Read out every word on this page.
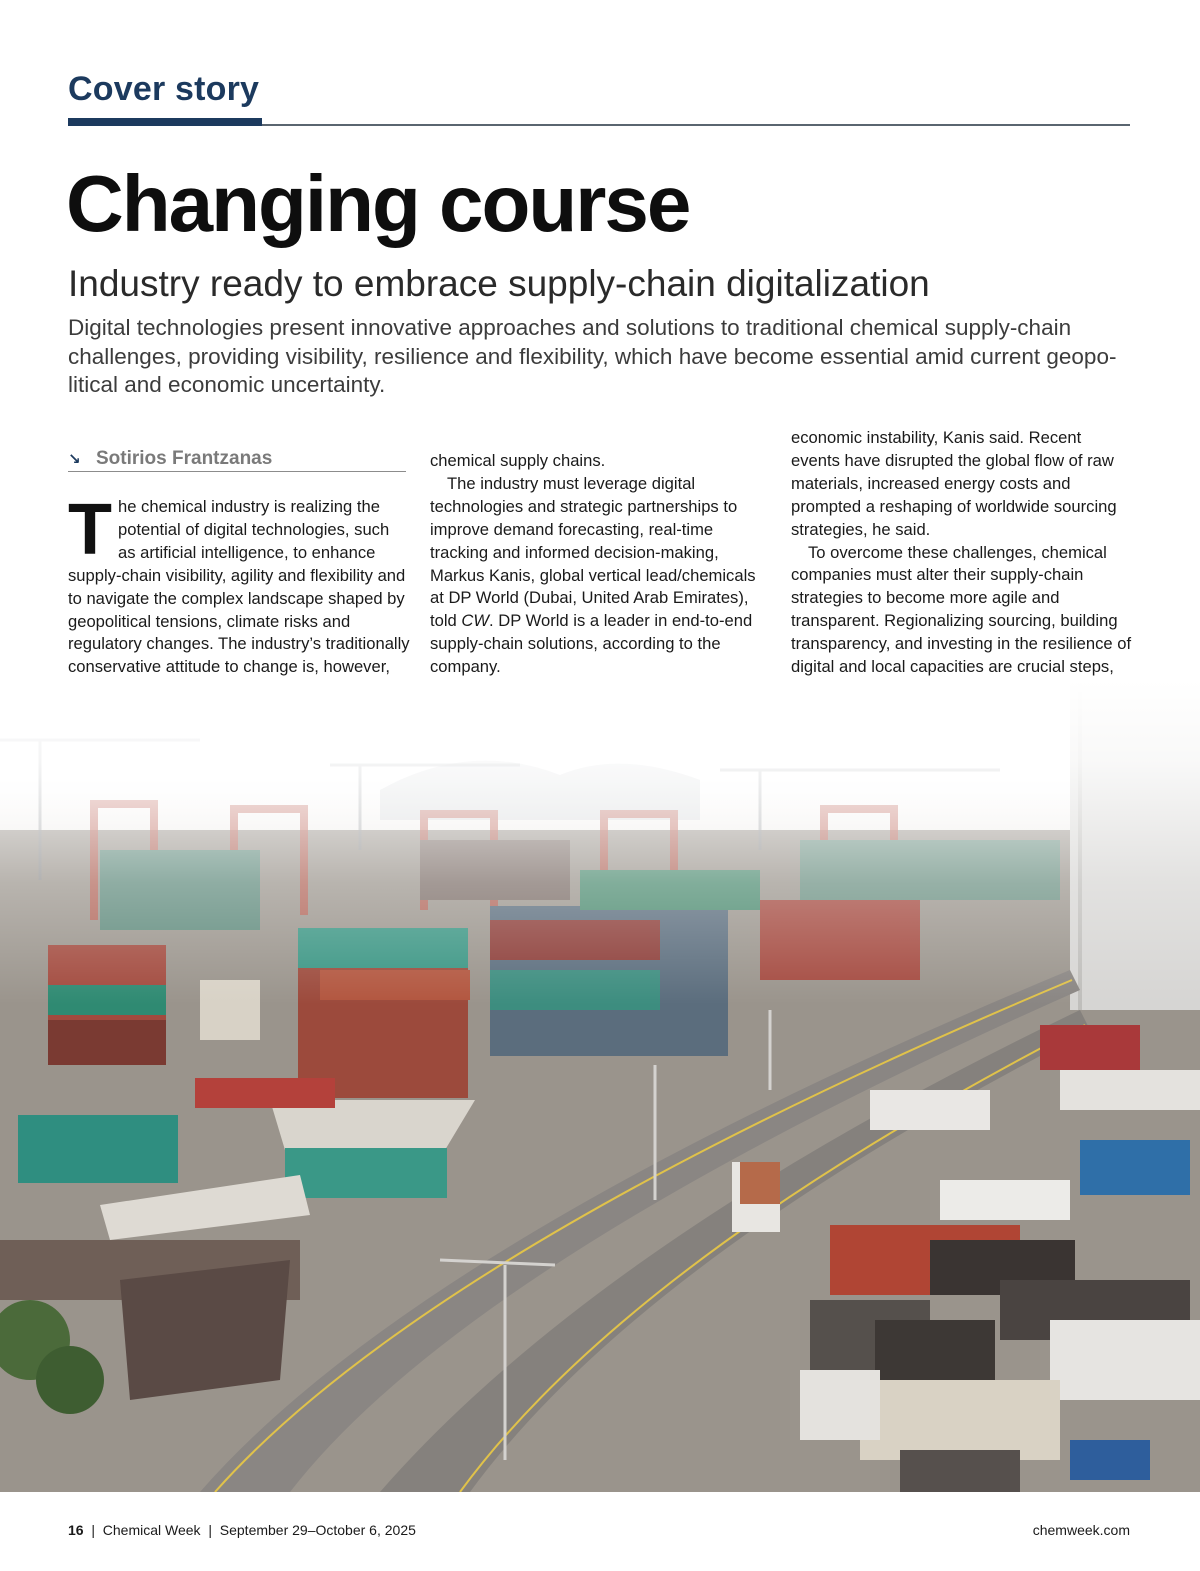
Cover story
Changing course
Industry ready to embrace supply-chain digitalization
Digital technologies present innovative approaches and solutions to traditional chemical supply-chain challenges, providing visibility, resilience and flexibility, which have become essential amid current geopo-litical and economic uncertainty.
↘ Sotirios Frantzanas

The chemical industry is realizing the potential of digital technologies, such as artificial intelligence, to enhance supply-chain visibility, agility and flexibility and to navigate the complex landscape shaped by geopolitical tensions, climate risks and regulatory changes. The industry’s traditionally conservative attitude to change is, however,

chemical supply chains.

The industry must leverage digital technologies and strategic partnerships to improve demand forecasting, real-time tracking and informed decision-making, Markus Kanis, global vertical lead/chemicals at DP World (Dubai, United Arab Emirates), told CW. DP World is a leader in end-to-end supply-chain solutions, according to the company.

economic instability, Kanis said. Recent events have disrupted the global flow of raw materials, increased energy costs and prompted a reshaping of worldwide sourcing strategies, he said.

To overcome these challenges, chemical companies must alter their supply-chain strategies to become more agile and transparent. Regionalizing sourcing, building transparency, and investing in the resilience of digital and local capacities are crucial steps,

16 | Chemical Week | September 29–October 6, 2025	chemweek.com
